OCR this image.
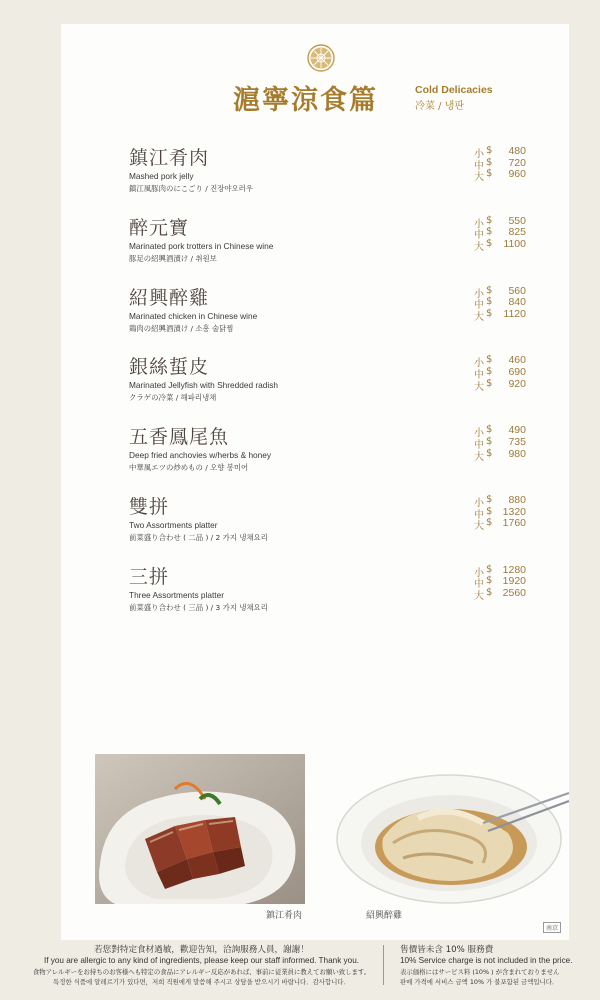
滬寧涼食篇	Cold Delicacies
冷菜 / 냉판
鎮江肴肉
Mashed pork jelly
鎮江風豚肉のにこごり / 진장야오러우
小 $ 480
中 $ 720
大 $ 960
醉元寶
Marinated pork trotters in Chinese wine
豚足の紹興酒漬け / 취원보
小 $ 550
中 $ 825
大 $ 1100
紹興醉雞
Marinated chicken in Chinese wine
鶏肉の紹興酒漬け / 소흥 술닭찜
小 $ 560
中 $ 840
大 $ 1120
銀絲蜇皮
Marinated Jellyfish with Shredded radish
クラゲの冷菜 / 해파리냉채
小 $ 460
中 $ 690
大 $ 920
五香鳳尾魚
Deep fried anchovies w/herbs & honey
中華風エツの炒めもの / 오향 봉미어
小 $ 490
中 $ 735
大 $ 980
雙拼
Two Assortments platter
前菜盛り合わせ ( 二品 ) / 2 가지 냉채요리
小 $ 880
中 $ 1320
大 $ 1760
三拼
Three Assortments platter
前菜盛り合わせ ( 三品 ) / 3 가지 냉채요리
小 $ 1280
中 $ 1920
大 $ 2560
鎮江肴肉	紹興醉雞
南京
若您對特定食材過敏，歡迎告知，洽詢服務人員，謝謝！
If you are allergic to any kind of ingredients, please keep our staff informed. Thank you.
食物アレルギーをお持ちのお客様へも特定の食品にアレルギー反応があれば、事前に従業員に教えてお願い致します。
특정한 식품에 알레르기가 있다면，저희 직원에게 말씀해 주시고 상담을 받으시기 바랍니다．감사합니다．
售價皆未含 10% 服務費
10% Service charge is not included in the price.
表示価格にはサービス料 (10% ) が含まれておりません
판매 가격에 서비스 금액 10% 가 불포함된 금액입니다．
